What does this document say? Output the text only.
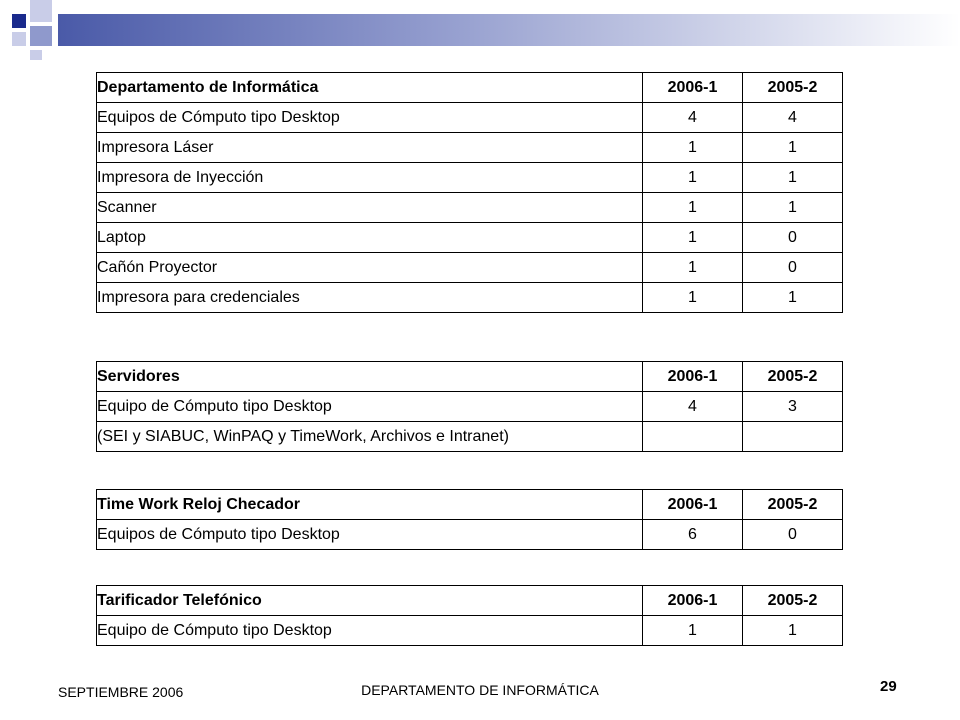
Departamento de Informática	2006-1	2005-2
Equipos de Cómputo tipo Desktop	4	4
Impresora Láser	1	1
Impresora de Inyección	1	1
Scanner	1	1
Laptop	1	0
Cañón Proyector	1	0
Impresora para credenciales	1	1
Servidores	2006-1	2005-2
Equipo de Cómputo tipo Desktop	4	3
(SEI y SIABUC, WinPAQ y TimeWork, Archivos e Intranet)		
Time Work Reloj Checador	2006-1	2005-2
Equipos de Cómputo tipo Desktop	6	0
Tarificador Telefónico	2006-1	2005-2
Equipo de Cómputo tipo Desktop	1	1
SEPTIEMBRE 2006	DEPARTAMENTO DE INFORMÁTICA	29
